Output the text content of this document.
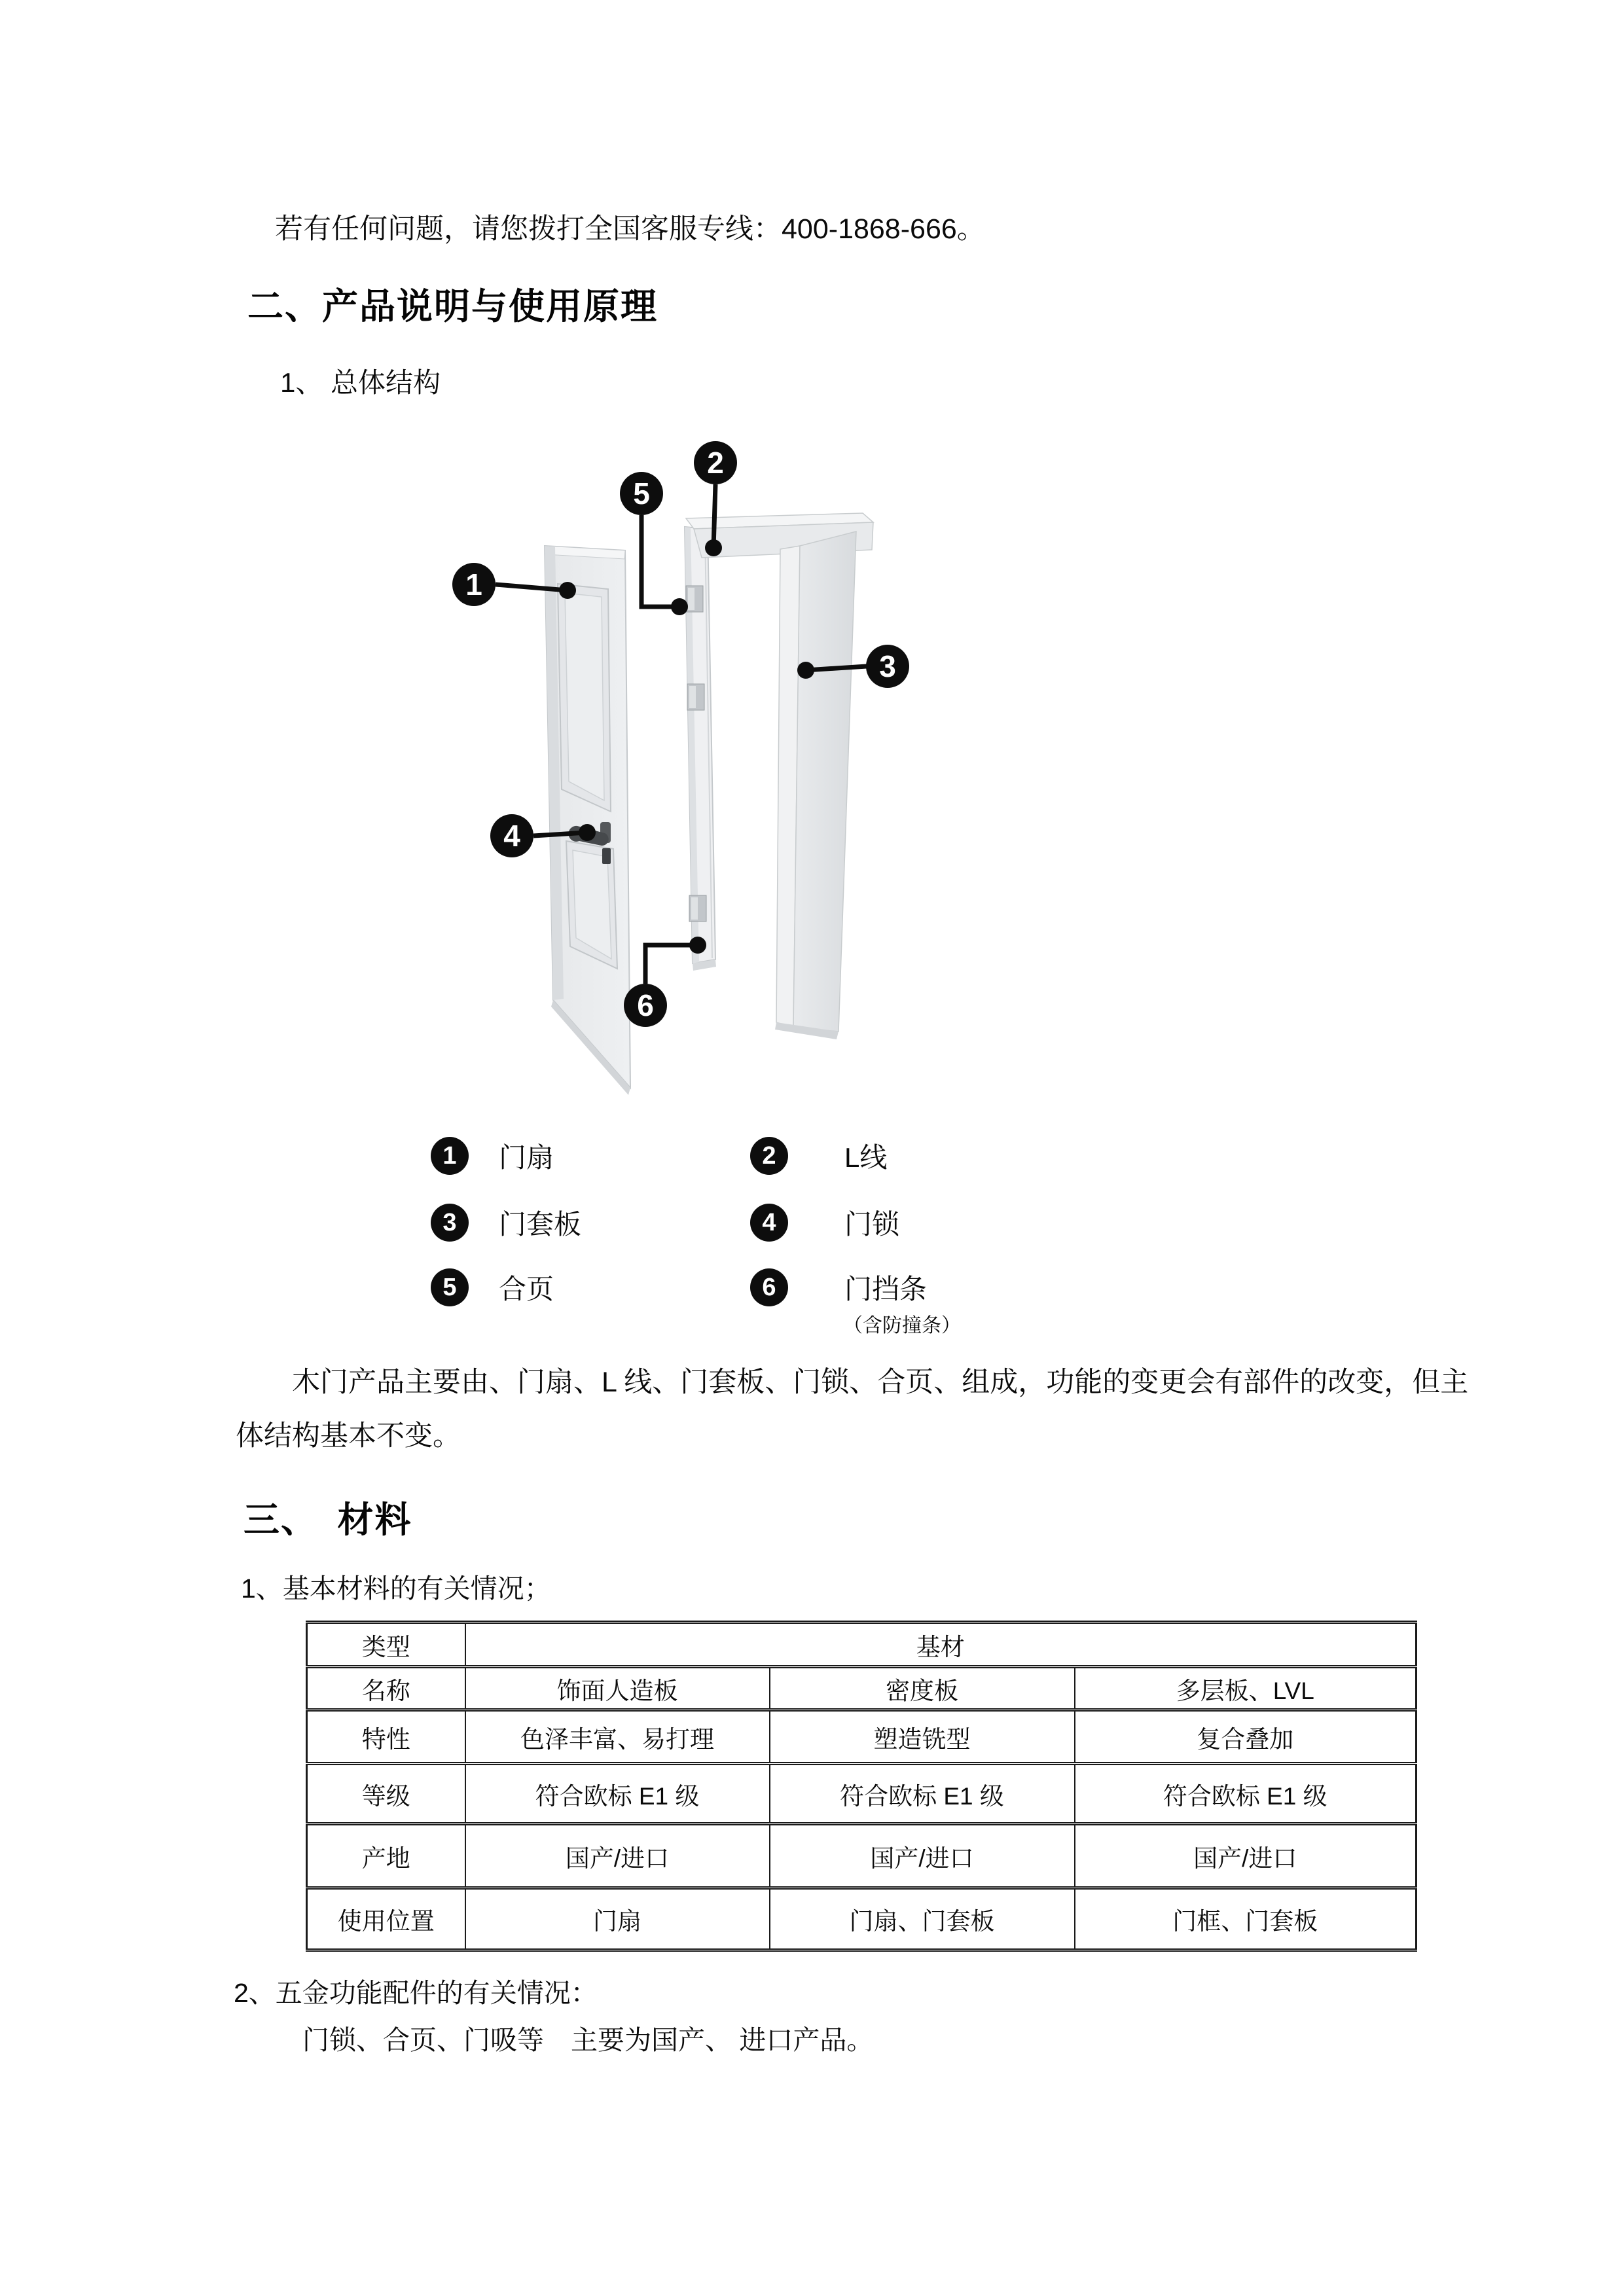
若有任何问题，请您拨打全国客服专线：400-1868-666。
二、产品说明与使用原理
1、 总体结构
1
2
3
4
5
6
1	门扇	2	L线
3	门套板	4	门锁
5	合页	6	门挡条
（含防撞条）
木门产品主要由、门扇、L 线、门套板、门锁、合页、组成，功能的变更会有部件的改变，但主
体结构基本不变。
三、　材料
1、基本材料的有关情况；
类型	基材		
名称	饰面人造板	密度板	多层板、LVL
特性	色泽丰富、易打理	塑造铣型	复合叠加
等级	符合欧标 E1 级	符合欧标 E1 级	符合欧标 E1 级
产地	国产/进口	国产/进口	国产/进口
使用位置	门扇	门扇、门套板	门框、门套板
2、五金功能配件的有关情况：
门锁、合页、门吸等　主要为国产、 进口产品。
